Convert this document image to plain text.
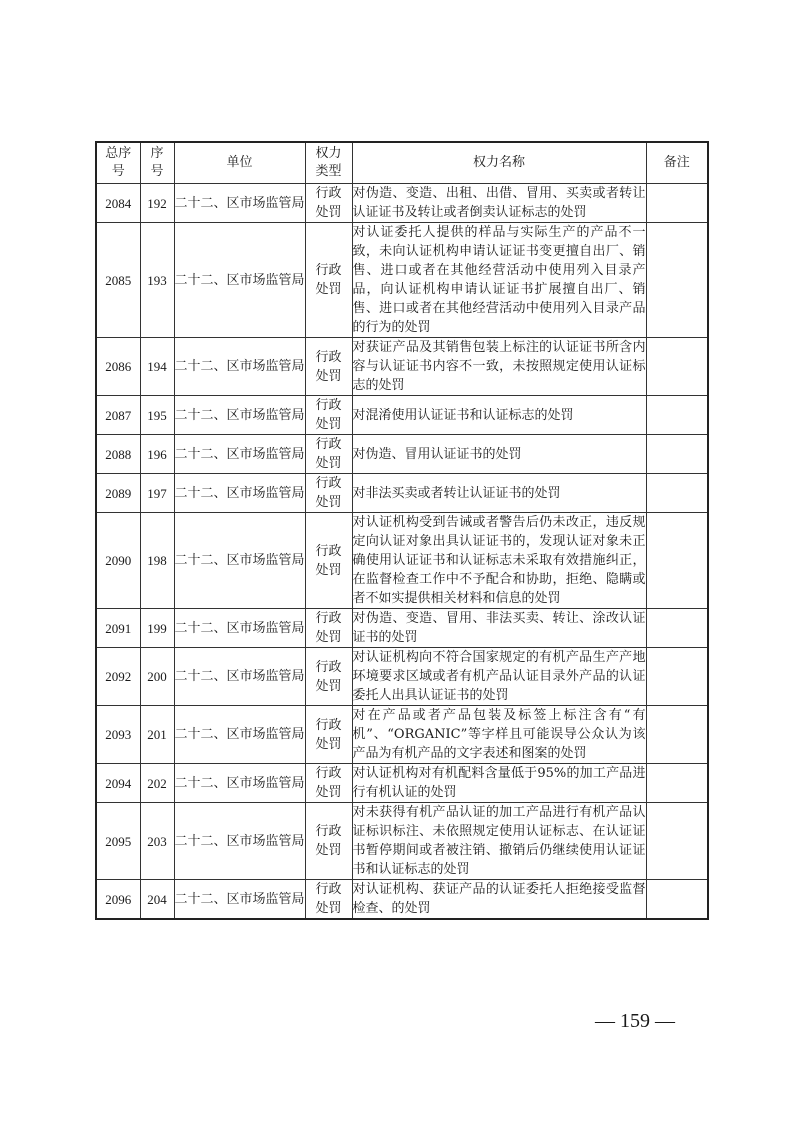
总序号	序号	单位	权力类型	权力名称	备注
2084	192	二十二、区市场监管局	行政处罚	对伪造、变造、出租、出借、冒用、买卖或者转让认证证书及转让或者倒卖认证标志的处罚	
2085	193	二十二、区市场监管局	行政处罚	对认证委托人提供的样品与实际生产的产品不一致，未向认证机构申请认证证书变更擅自出厂、销售、进口或者在其他经营活动中使用列入目录产品，向认证机构申请认证证书扩展擅自出厂、销售、进口或者在其他经营活动中使用列入目录产品的行为的处罚	
2086	194	二十二、区市场监管局	行政处罚	对获证产品及其销售包装上标注的认证证书所含内容与认证证书内容不一致，未按照规定使用认证标志的处罚	
2087	195	二十二、区市场监管局	行政处罚	对混淆使用认证证书和认证标志的处罚	
2088	196	二十二、区市场监管局	行政处罚	对伪造、冒用认证证书的处罚	
2089	197	二十二、区市场监管局	行政处罚	对非法买卖或者转让认证证书的处罚	
2090	198	二十二、区市场监管局	行政处罚	对认证机构受到告诫或者警告后仍未改正，违反规定向认证对象出具认证证书的，发现认证对象未正确使用认证证书和认证标志未采取有效措施纠正，在监督检查工作中不予配合和协助，拒绝、隐瞒或者不如实提供相关材料和信息的处罚	
2091	199	二十二、区市场监管局	行政处罚	对伪造、变造、冒用、非法买卖、转让、涂改认证证书的处罚	
2092	200	二十二、区市场监管局	行政处罚	对认证机构向不符合国家规定的有机产品生产产地环境要求区域或者有机产品认证目录外产品的认证委托人出具认证证书的处罚	
2093	201	二十二、区市场监管局	行政处罚	对在产品或者产品包装及标签上标注含有“有机”、“ORGANIC”等字样且可能误导公众认为该产品为有机产品的文字表述和图案的处罚	
2094	202	二十二、区市场监管局	行政处罚	对认证机构对有机配料含量低于95%的加工产品进行有机认证的处罚	
2095	203	二十二、区市场监管局	行政处罚	对未获得有机产品认证的加工产品进行有机产品认证标识标注、未依照规定使用认证标志、在认证证书暂停期间或者被注销、撤销后仍继续使用认证证书和认证标志的处罚	
2096	204	二十二、区市场监管局	行政处罚	对认证机构、获证产品的认证委托人拒绝接受监督检查、的处罚	
— 159 —
